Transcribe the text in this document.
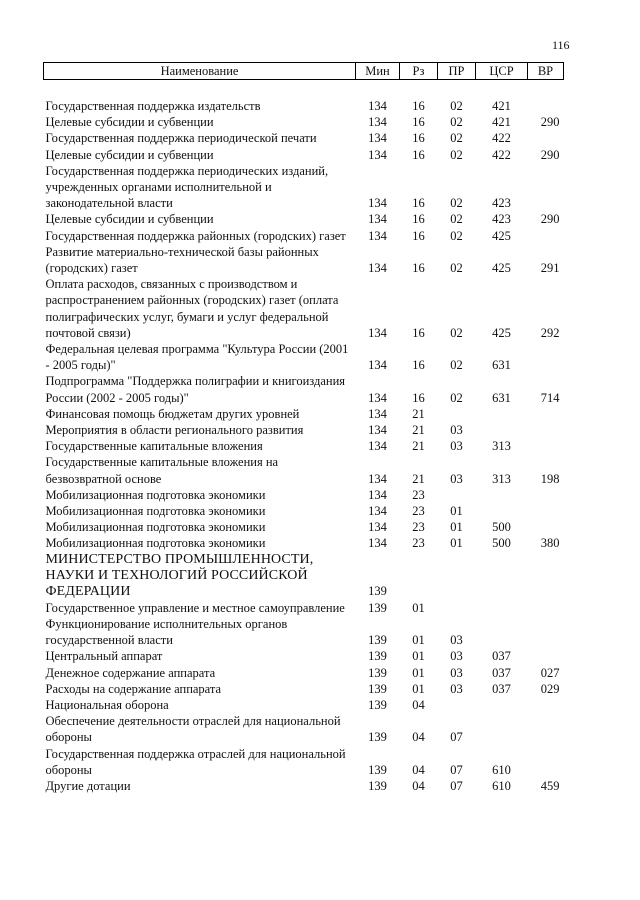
116
Наименование	Мин	Рз	ПР	ЦСР	ВР

Государственная поддержка издательств	134	16	02	421	
Целевые субсидии и субвенции	134	16	02	421	290
Государственная поддержка периодической печати	134	16	02	422	
Целевые субсидии и субвенции	134	16	02	422	290
Государственная поддержка периодических изданий, учрежденных органами исполнительной и законодательной власти	134	16	02	423	
Целевые субсидии и субвенции	134	16	02	423	290
Государственная поддержка районных (городских) газет	134	16	02	425	
Развитие материально-технической базы районных (городских) газет	134	16	02	425	291
Оплата расходов, связанных с производством и распространением районных (городских) газет (оплата полиграфических услуг, бумаги и услуг федеральной почтовой связи)	134	16	02	425	292
Федеральная целевая программа "Культура России (2001 - 2005 годы)"	134	16	02	631	
Подпрограмма "Поддержка полиграфии и книгоиздания России (2002 - 2005 годы)"	134	16	02	631	714
Финансовая помощь бюджетам других уровней	134	21			
Мероприятия в области регионального развития	134	21	03		
Государственные капитальные вложения	134	21	03	313	
Государственные капитальные вложения на безвозвратной основе	134	21	03	313	198
Мобилизационная подготовка экономики	134	23			
Мобилизационная подготовка экономики	134	23	01		
Мобилизационная подготовка экономики	134	23	01	500	
Мобилизационная подготовка экономики	134	23	01	500	380
МИНИСТЕРСТВО ПРОМЫШЛЕННОСТИ, НАУКИ И ТЕХНОЛОГИЙ РОССИЙСКОЙ ФЕДЕРАЦИИ	139				
Государственное управление и местное самоуправление	139	01			
Функционирование исполнительных органов государственной власти	139	01	03		
Центральный аппарат	139	01	03	037	
Денежное содержание аппарата	139	01	03	037	027
Расходы на содержание аппарата	139	01	03	037	029
Национальная оборона	139	04			
Обеспечение деятельности отраслей для национальной обороны	139	04	07		
Государственная поддержка отраслей для национальной обороны	139	04	07	610	
Другие дотации	139	04	07	610	459
